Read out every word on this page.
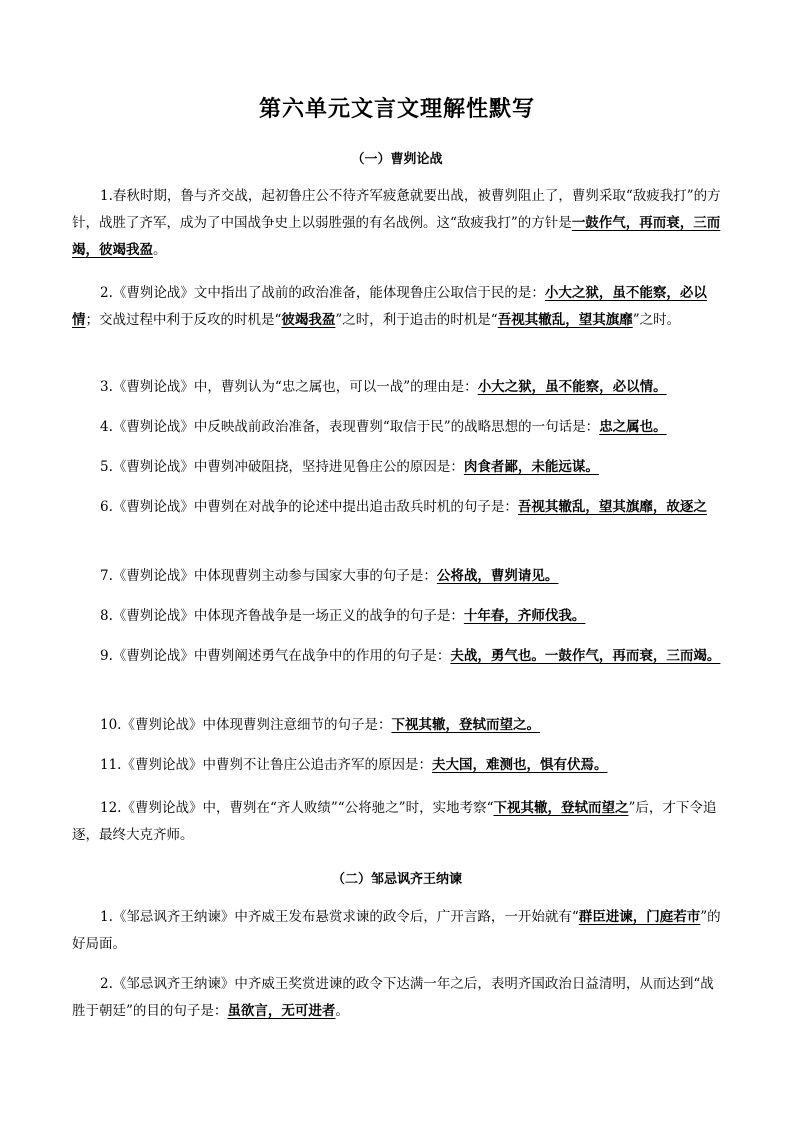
第六单元文言文理解性默写
（一）曹刿论战
1.春秋时期，鲁与齐交战，起初鲁庄公不待齐军疲惫就要出战，被曹刿阻止了，曹刿采取“敌疲我打”的方针，战胜了齐军，成为了中国战争史上以弱胜强的有名战例。这“敌疲我打”的方针是一鼓作气，再而衰，三而竭，彼竭我盈。
2.《曹刿论战》文中指出了战前的政治准备，能体现鲁庄公取信于民的是：小大之狱，虽不能察，必以情；交战过程中利于反攻的时机是“彼竭我盈”之时，利于追击的时机是“吾视其辙乱，望其旗靡”之时。
3.《曹刿论战》中，曹刿认为“忠之属也，可以一战”的理由是：小大之狱，虽不能察，必以情。
4.《曹刿论战》中反映战前政治准备，表现曹刿“取信于民”的战略思想的一句话是：忠之属也。
5.《曹刿论战》中曹刿冲破阻挠，坚持进见鲁庄公的原因是：肉食者鄙，未能远谋。
6.《曹刿论战》中曹刿在对战争的论述中提出追击敌兵时机的句子是：吾视其辙乱，望其旗靡，故逐之
7.《曹刿论战》中体现曹刿主动参与国家大事的句子是：公将战，曹刿请见。
8.《曹刿论战》中体现齐鲁战争是一场正义的战争的句子是：十年春，齐师伐我。
9.《曹刿论战》中曹刿阐述勇气在战争中的作用的句子是：夫战，勇气也。一鼓作气，再而衰，三而竭。
10.《曹刿论战》中体现曹刿注意细节的句子是：下视其辙，登轼而望之。
11.《曹刿论战》中曹刿不让鲁庄公追击齐军的原因是：夫大国，难测也，惧有伏焉。
12.《曹刿论战》中，曹刿在“齐人败绩”“公将驰之”时，实地考察“下视其辙，登轼而望之”后，才下令追逐，最终大克齐师。
（二）邹忌讽齐王纳谏
1.《邹忌讽齐王纳谏》中齐威王发布悬赏求谏的政令后，广开言路，一开始就有“群臣进谏，门庭若市”的好局面。
2.《邹忌讽齐王纳谏》中齐威王奖赏进谏的政令下达满一年之后，表明齐国政治日益清明，从而达到“战胜于朝廷”的目的句子是：虽欲言，无可进者。
